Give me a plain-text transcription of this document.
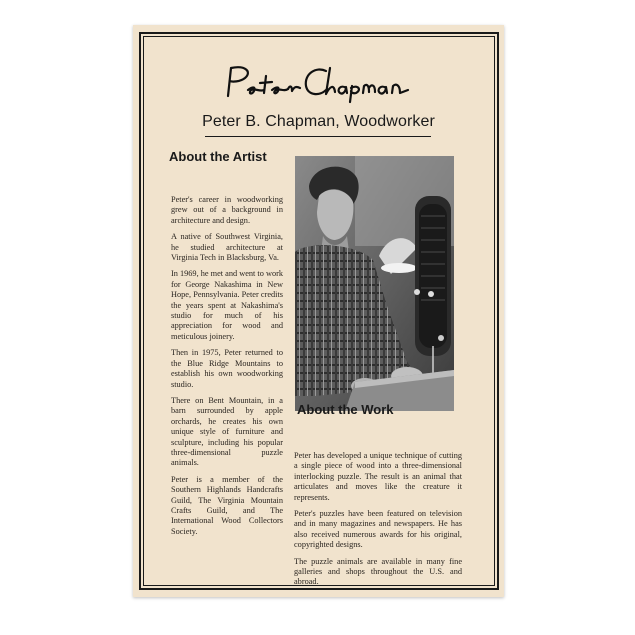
Peter B. Chapman, Woodworker
About the Artist

Peter's career in woodworking grew out of a background in architecture and design.

A native of Southwest Virginia, he studied architecture at Virginia Tech in Blacksburg, Va.

In 1969, he met and went to work for George Nakashima in New Hope, Pennsylvania. Peter credits the years spent at Nakashima's studio for much of his appreciation for wood and meticulous joinery.

Then in 1975, Peter returned to the Blue Ridge Mountains to establish his own woodworking studio.

There on Bent Mountain, in a barn surrounded by apple orchards, he creates his own unique style of furniture and sculpture, including his popular three-dimensional puzzle animals.

Peter is a member of the Southern Highlands Handcrafts Guild, The Virginia Mountain Crafts Guild, and The International Wood Collectors Society.

About the Work

Peter has developed a unique technique of cutting a single piece of wood into a three-dimensional interlocking puzzle. The result is an animal that articulates and moves like the creature it represents.

Peter's puzzles have been featured on television and in many magazines and newspapers. He has also received numerous awards for his original, copyrighted designs.

The puzzle animals are available in many fine galleries and shops throughout the U.S. and abroad.
